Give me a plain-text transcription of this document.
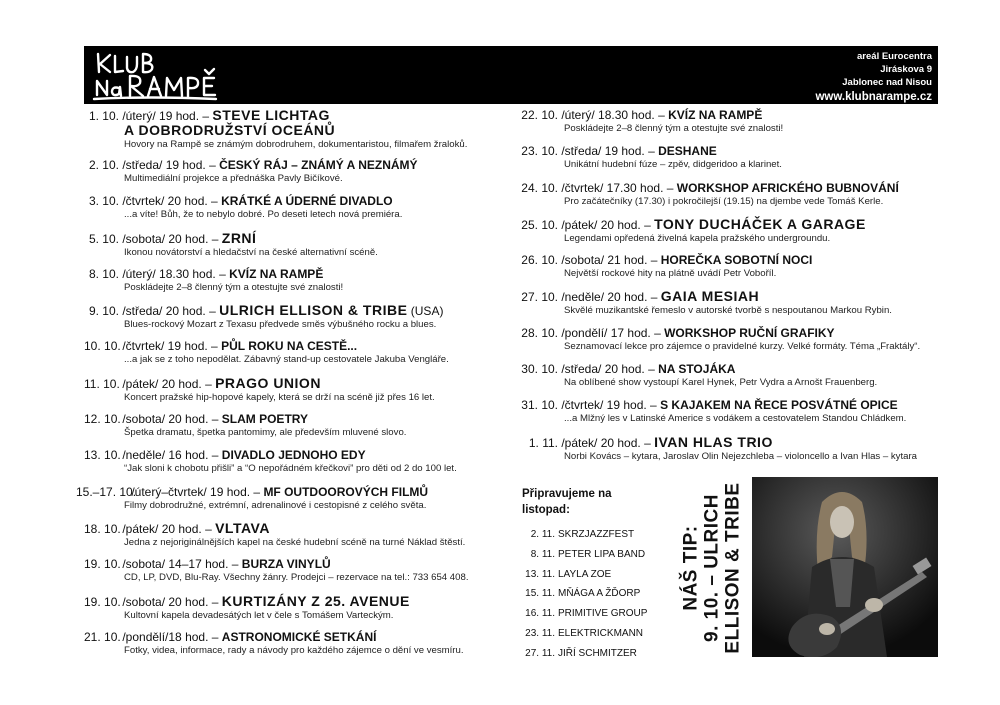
areál Eurocentra
Jiráskova 9
Jablonec nad Nisou
www.klubnarampe.cz
1. 10. /úterý/ 19 hod. – STEVE LICHTAG
A DOBRODRUŽSTVÍ OCEÁNŮ
Hovory na Rampě se známým dobrodruhem, dokumentaristou, filmařem žraloků.
2. 10. /středa/ 19 hod. – ČESKÝ RÁJ – ZNÁMÝ A NEZNÁMÝ
Multimediální projekce a přednáška Pavly Bičíkové.
3. 10. /čtvrtek/ 20 hod. – KRÁTKÉ A ÚDERNÉ DIVADLO
...a víte! Bůh, že to nebylo dobré. Po deseti letech nová premiéra.
5. 10. /sobota/ 20 hod. – ZRNÍ
Ikonou novátorství a hledačství na české alternativní scéně.
8. 10. /úterý/ 18.30 hod. – KVÍZ NA RAMPĚ
Poskládejte 2–8 členný tým a otestujte své znalosti!
9. 10. /středa/ 20 hod. – ULRICH ELLISON & TRIBE (USA)
Blues-rockový Mozart z Texasu předvede směs výbušného rocku a blues.
10. 10. /čtvrtek/ 19 hod. – PŮL ROKU NA CESTĚ...
...a jak se z toho nepodělat. Zábavný stand-up cestovatele Jakuba Vengláře.
11. 10. /pátek/ 20 hod. – PRAGO UNION
Koncert pražské hip-hopové kapely, která se drží na scéně již přes 16 let.
12. 10. /sobota/ 20 hod. – SLAM POETRY
Špetka dramatu, špetka pantomimy, ale především mluvené slovo.
13. 10. /neděle/ 16 hod. – DIVADLO JEDNOHO EDY
“Jak sloni k chobotu přišli” a “O nepořádném křečkovi” pro děti od 2 do 100 let.
15.–17. 10. /úterý–čtvrtek/ 19 hod. – MF OUTDOOROVÝCH FILMŮ
Filmy dobrodružné, extrémní, adrenalinové i cestopisné z celého světa.
18. 10. /pátek/ 20 hod. – VLTAVA
Jedna z nejoriginálnějších kapel na české hudební scéně na turné Náklad štěstí.
19. 10. /sobota/ 14–17 hod. – BURZA VINYLŮ
CD, LP, DVD, Blu-Ray. Všechny žánry. Prodejci – rezervace na tel.: 733 654 408.
19. 10. /sobota/ 20 hod. – KURTIZÁNY Z 25. AVENUE
Kultovní kapela devadesátých let v čele s Tomášem Varteckým.
21. 10. /pondělí/18 hod. – ASTRONOMICKÉ SETKÁNÍ
Fotky, videa, informace, rady a návody pro každého zájemce o dění ve vesmíru.
22. 10. /úterý/ 18.30 hod. – KVÍZ NA RAMPĚ
Poskládejte 2–8 členný tým a otestujte své znalosti!
23. 10. /středa/ 19 hod. – DESHANE
Unikátní hudební fúze – zpěv, didgeridoo a klarinet.
24. 10. /čtvrtek/ 17.30 hod. – WORKSHOP AFRICKÉHO BUBNOVÁNÍ
Pro začátečníky (17.30) i pokročilejší (19.15) na djembe vede Tomáš Kerle.
25. 10. /pátek/ 20 hod. – TONY DUCHÁČEK A GARAGE
Legendami opředená živelná kapela pražského undergroundu.
26. 10. /sobota/ 21 hod. – HOREČKA SOBOTNÍ NOCI
Největší rockové hity na plátně uvádí Petr Voboříl.
27. 10. /neděle/ 20 hod. – GAIA MESIAH
Skvělé muzikantské řemeslo v autorské tvorbě s nespoutanou Markou Rybin.
28. 10. /pondělí/ 17 hod. – WORKSHOP RUČNÍ GRAFIKY
Seznamovací lekce pro zájemce o pravidelné kurzy. Velké formáty. Téma „Fraktály“.
30. 10. /středa/ 20 hod. – NA STOJÁKA
Na oblíbené show vystoupí Karel Hynek, Petr Vydra a Arnošt Frauenberg.
31. 10. /čtvrtek/ 19 hod. – S KAJAKEM NA ŘECE POSVÁTNÉ OPICE
...a Mlžný les v Latinské Americe s vodákem a cestovatelem Standou Chládkem.
1. 11. /pátek/ 20 hod. – IVAN HLAS TRIO
Norbi Kovács – kytara, Jaroslav Olin Nejezchleba – violoncello a Ivan Hlas – kytara
Připravujeme na
listopad:
2. 11. SKRZJAZZFEST
8. 11. PETER LIPA BAND
13. 11. LAYLA ZOE
15. 11. MŇÁGA A ŽĎORP
16. 11. PRIMITIVE GROUP
23. 11. ELEKTRICKMANN
27. 11. JIŘÍ SCHMITZER
NÁŠ TIP: 9. 10. – ULRICH ELLISON & TRIBE
